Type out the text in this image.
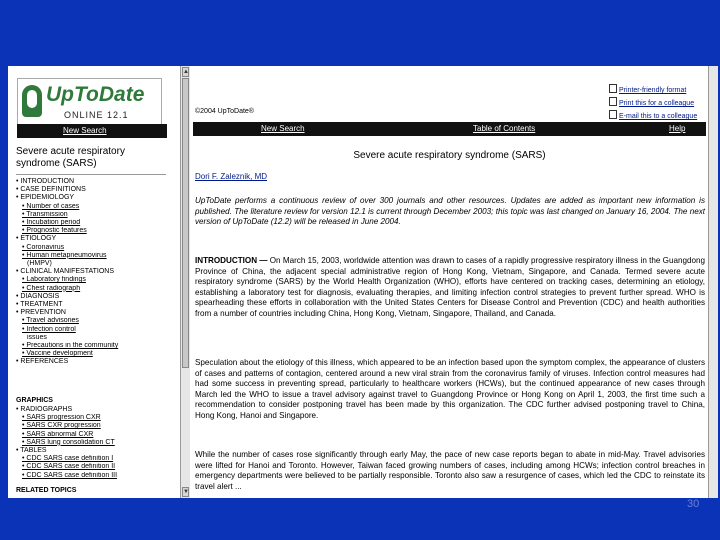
UpToDate
ONLINE 12.1
New Search
Severe acute respiratory syndrome (SARS)
• INTRODUCTION
• CASE DEFINITIONS
• EPIDEMIOLOGY
• Number of cases
• Transmission
• Incubation period
• Prognostic features
• ETIOLOGY
• Coronavirus
• Human metapneumovirus
(HMPV)
• CLINICAL MANIFESTATIONS
• Laboratory findings
• Chest radiograph
• DIAGNOSIS
• TREATMENT
• PREVENTION
• Travel advisories
• Infection control
issues
• Precautions in the community
• Vaccine development
• REFERENCES
GRAPHICS
• RADIOGRAPHS
• SARS progression CXR
• SARS CXR progression
• SARS abnormal CXR
• SARS lung consolidation CT
• TABLES
• CDC SARS case definition I
• CDC SARS case definition II
• CDC SARS case definition III
RELATED TOPICS
▲
▼
Printer-friendly format
Print this for a colleague
E-mail this to a colleague
©2004 UpToDate®
New Search	Table of Contents	Help
Severe acute respiratory syndrome (SARS)
Dori F. Zaleznik, MD
UpToDate performs a continuous review of over 300 journals and other resources. Updates are added as important new information is published. The literature review for version 12.1 is current through December 2003; this topic was last changed on January 16, 2004. The next version of UpToDate (12.2) will be released in June 2004.
INTRODUCTION — On March 15, 2003, worldwide attention was drawn to cases of a rapidly progressive respiratory illness in the Guangdong Province of China, the adjacent special administrative region of Hong Kong, Vietnam, Singapore, and Canada. Termed severe acute respiratory syndrome (SARS) by the World Health Organization (WHO), efforts have centered on tracking cases, determining an etiology, establishing a laboratory test for diagnosis, evaluating therapies, and limiting infection control strategies to prevent further spread. WHO is spearheading these efforts in collaboration with the United States Centers for Disease Control and Prevention (CDC) and health authorities from a number of countries including China, Hong Kong, Vietnam, Singapore, Thailand, and Canada.
Speculation about the etiology of this illness, which appeared to be an infection based upon the symptom complex, the appearance of clusters of cases and patterns of contagion, centered around a new viral strain from the coronavirus family of viruses. Infection control measures had had some success in preventing spread, particularly to healthcare workers (HCWs), but the continued appearance of new cases through March led the WHO to issue a travel advisory against travel to Guangdong Province or Hong Kong on April 1, 2003, the first time such a recommendation to consider postponing travel has been made by this organization. The CDC further advised postponing travel to China, Hong Kong, Hanoi and Singapore.
While the number of cases rose significantly through early May, the pace of new case reports began to abate in mid-May. Travel advisories were lifted for Hanoi and Toronto. However, Taiwan faced growing numbers of cases, including among HCWs; infection control breaches in emergency departments were believed to be partially responsible. Toronto also saw a resurgence of cases, which led the CDC to reinstate its travel alert ...
30
